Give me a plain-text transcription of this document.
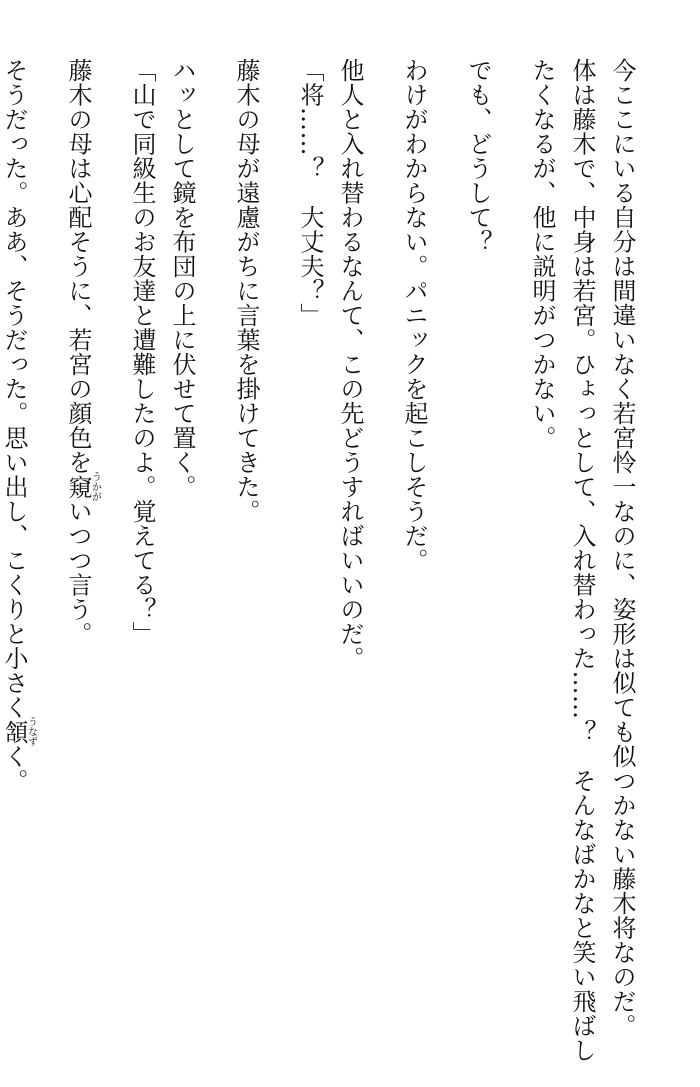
今ここにいる自分は間違いなく若宮怜一なのに、姿形は似ても似つかない藤木将なのだ。
体は藤木で、中身は若宮。ひょっとして、入れ替わった……？　そんなばかなと笑い飛ばし
たくなるが、他に説明がつかない。
でも、どうして？
わけがわからない。パニックを起こしそうだ。
他人と入れ替わるなんて、この先どうすればいいのだ。
「将……？　大丈夫？」
藤木の母が遠慮がちに言葉を掛けてきた。
ハッとして鏡を布団の上に伏せて置く。
「山で同級生のお友達と遭難したのよ。覚えてる？」
藤木の母は心配そうに、若宮の顔色を窺うかがいつつ言う。
そうだった。ああ、そうだった。思い出し、こくりと小さく頷うなずく。
